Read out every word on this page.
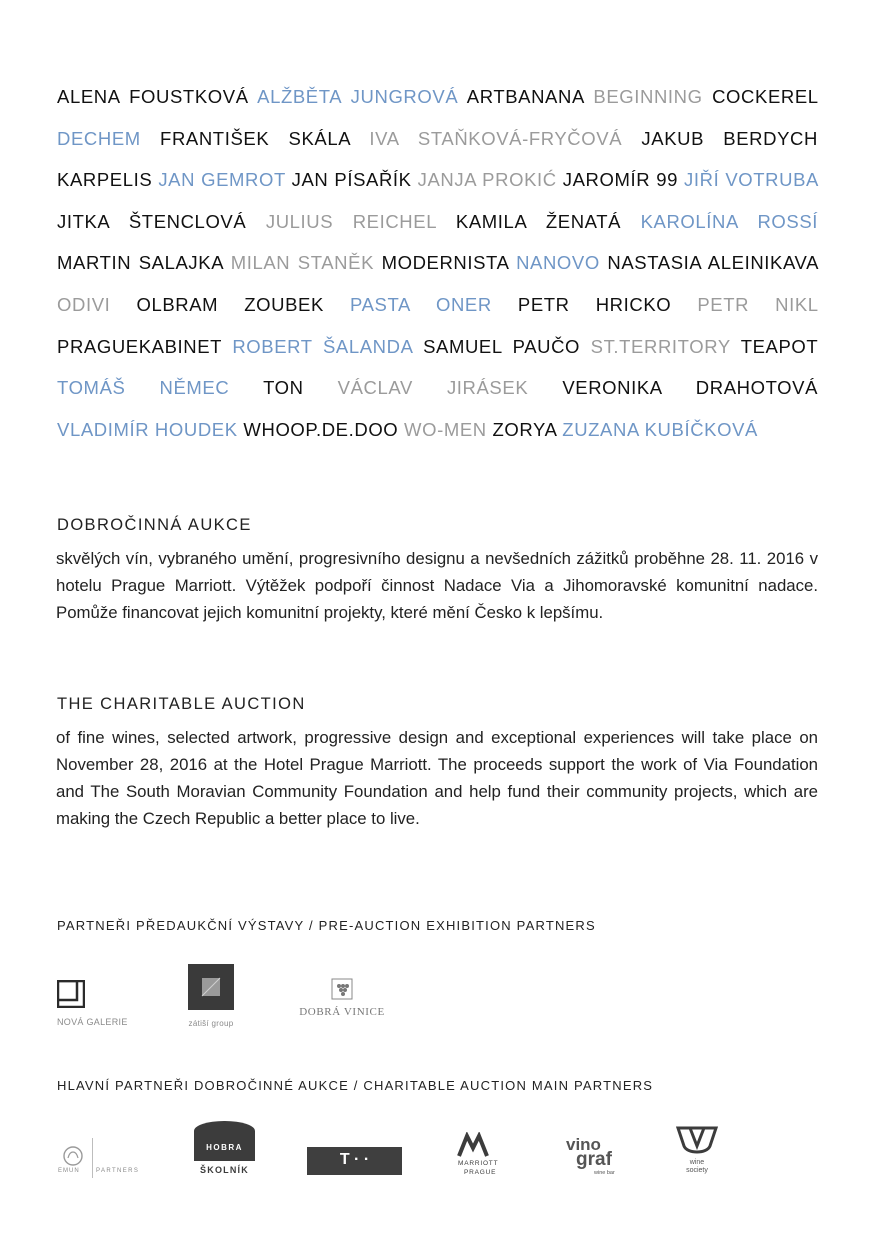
ALENA FOUSTKOVÁ ALŽBĚTA JUNGROVÁ ARTBANANA BEGINNING COCKEREL DECHEM FRANTIŠEK SKÁLA IVA STAŇKOVÁ-FRYČOVÁ JAKUB BERDYCH KARPELIS JAN GEMROT JAN PÍSAŘÍK JANJA PROKIĆ JAROMÍR 99 JIŘÍ VOTRUBA JITKA ŠTENCLOVÁ JULIUS REICHEL KAMILA ŽENATÁ KAROLÍNA ROSSÍ MARTIN SALAJKA MILAN STANĚK MODERNISTA NANOVO NASTASIA ALEINIKAVA ODIVI OLBRAM ZOUBEK PASTA ONER PETR HRICKO PETR NIKL PRAGUEKABINET ROBERT ŠALANDA SAMUEL PAUČO ST.TERRITORY TEAPOT TOMÁŠ NĚMEC TON VÁCLAV JIRÁSEK VERONIKA DRAHOTOVÁ VLADIMÍR HOUDEK WHOOP.DE.DOO WO-MEN ZORYA ZUZANA KUBÍČKOVÁ
DOBROČINNÁ AUKCE
skvělých vín, vybraného umění, progresivního designu a nevšedních zážitků proběhne 28. 11. 2016 v hotelu Prague Marriott. Výtěžek podpoří činnost Nadace Via a Jihomoravské komunitní nadace. Pomůže financovat jejich komunitní projekty, které mění Česko k lepšímu.
THE CHARITABLE AUCTION
of fine wines, selected artwork, progressive design and exceptional experiences will take place on November 28, 2016 at the Hotel Prague Marriott. The proceeds support the work of Via Foundation and The South Moravian Community Foundation and help fund their community projects, which are making the Czech Republic a better place to live.
PARTNEŘI PŘEDAUKČNÍ VÝSTAVY / PRE-AUCTION EXHIBITION PARTNERS
NOVÁ GALERIE	zátiší group
DOBRÁ VINICE
HLAVNÍ PARTNEŘI DOBROČINNÉ AUKCE / CHARITABLE AUCTION MAIN PARTNERS
EMUN	PARTNERS
HOBRA
ŠKOLNÍK
T · ·	MARRIOTT
PRAGUE
vino
graf
wine bar
wine
society
